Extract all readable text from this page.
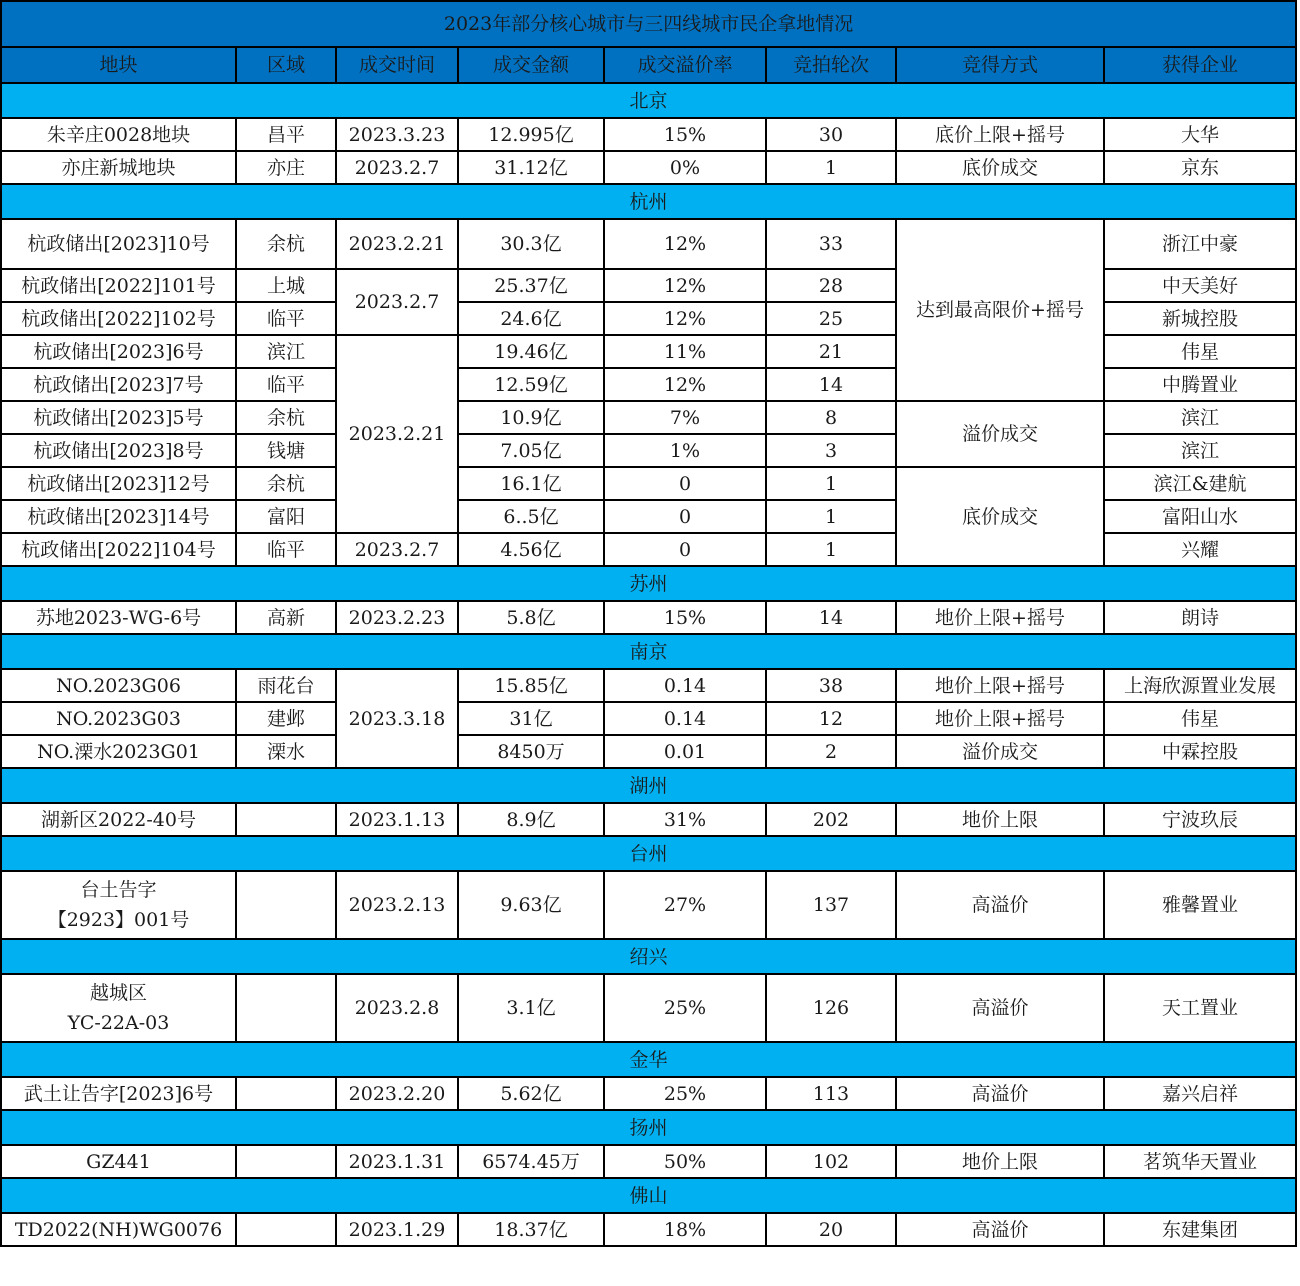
2023年部分核心城市与三四线城市民企拿地情况							
地块	区域	成交时间	成交金额	成交溢价率	竞拍轮次	竞得方式	获得企业
北京							
朱辛庄0028地块	昌平	2023.3.23	12.995亿	15%	30	底价上限+摇号	大华
亦庄新城地块	亦庄	2023.2.7	31.12亿	0%	1	底价成交	京东
杭州							
杭政储出[2023]10号	余杭	2023.2.21	30.3亿	12%	33	达到最高限价+摇号	浙江中豪
杭政储出[2022]101号	上城	2023.2.7	25.37亿	12%	28		中天美好
杭政储出[2022]102号	临平		24.6亿	12%	25		新城控股
杭政储出[2023]6号	滨江	2023.2.21	19.46亿	11%	21		伟星
杭政储出[2023]7号	临平		12.59亿	12%	14		中腾置业
杭政储出[2023]5号	余杭		10.9亿	7%	8	溢价成交	滨江
杭政储出[2023]8号	钱塘		7.05亿	1%	3		滨江
杭政储出[2023]12号	余杭		16.1亿	0	1	底价成交	滨江&建航
杭政储出[2023]14号	富阳		6..5亿	0	1		富阳山水
杭政储出[2022]104号	临平	2023.2.7	4.56亿	0	1		兴耀
苏州							
苏地2023-WG-6号	高新	2023.2.23	5.8亿	15%	14	地价上限+摇号	朗诗
南京							
NO.2023G06	雨花台	2023.3.18	15.85亿	0.14	38	地价上限+摇号	上海欣源置业发展
NO.2023G03	建邺		31亿	0.14	12	地价上限+摇号	伟星
NO.溧水2023G01	溧水		8450万	0.01	2	溢价成交	中霖控股
湖州							
湖新区2022-40号		2023.1.13	8.9亿	31%	202	地价上限	宁波玖辰
台州							

台土告字
【2923】001号		2023.2.13	9.63亿	27%	137	高溢价	雅馨置业
绍兴							

越城区
YC-22A-03		2023.2.8	3.1亿	25%	126	高溢价	天工置业
金华							
武土让告字[2023]6号		2023.2.20	5.62亿	25%	113	高溢价	嘉兴启祥
扬州							
GZ441		2023.1.31	6574.45万	50%	102	地价上限	茗筑华天置业
佛山							
TD2022(NH)WG0076		2023.1.29	18.37亿	18%	20	高溢价	东建集团
